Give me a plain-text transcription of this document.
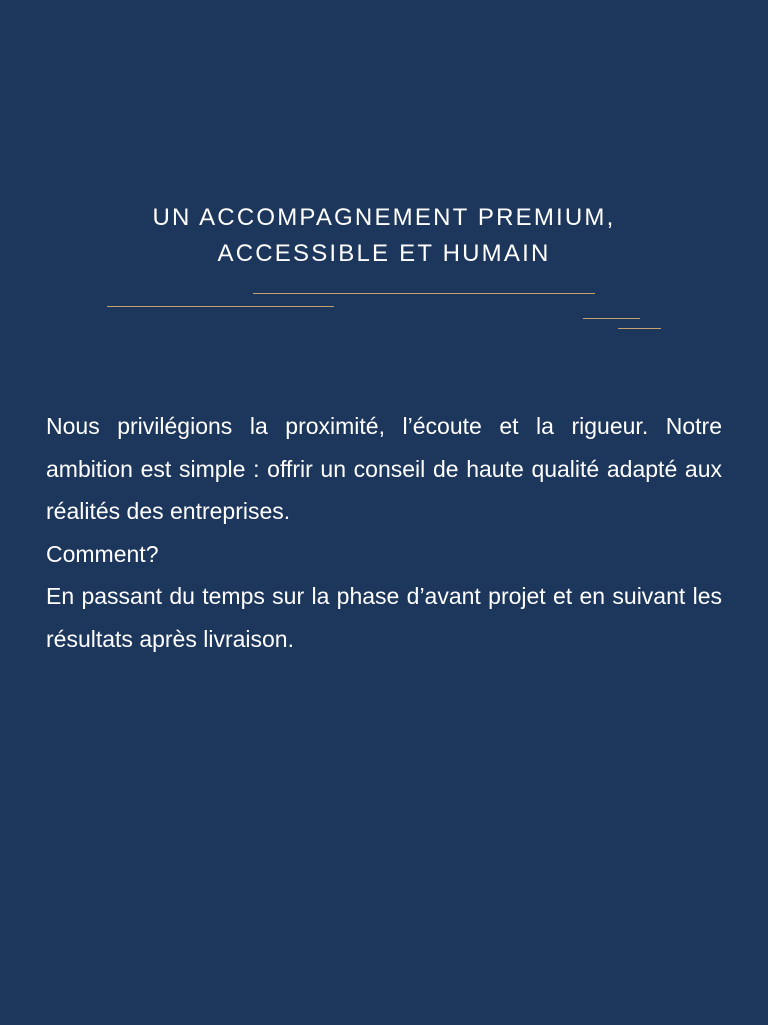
UN ACCOMPAGNEMENT PREMIUM,
ACCESSIBLE ET HUMAIN

Nous privilégions la proximité, l’écoute et la rigueur. Notre ambition est simple : offrir un conseil de haute qualité adapté aux réalités des entreprises.

Comment?

En passant du temps sur la phase d’avant projet et en suivant les résultats après livraison.
